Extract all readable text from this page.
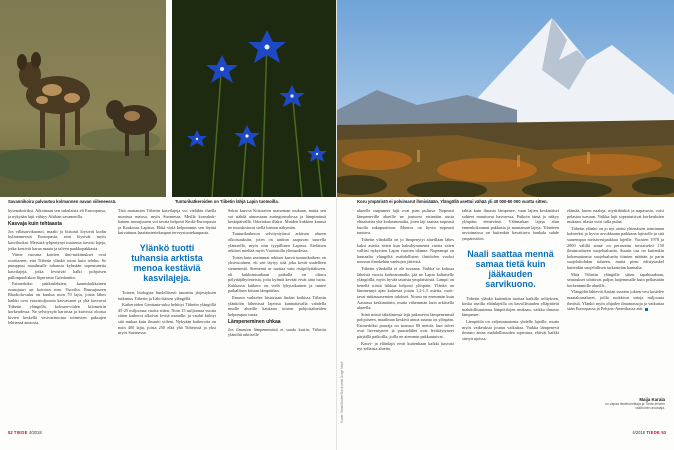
Savannikoira palvautuu kolmannen navan viileneessä.	Tunturikatkeroiden on Tiibetin lähjä Lapin tuomoilla.

hysenakoiriksi. Aikoinaan sen sukulaisia eli Euroopassa, ja nykyään lajit vähtyy Afrikan savanneilla.

Kasvaja kuin tehtaasta

Jos villasarvikuonot, maalit ja biisonit löysivät kodin kylmenneestä Euroopasta, niin löysivät myös kasviluokat. Metsistä tyhjentynyt maisema tarvitsi lajeja, jotka kestivät karua maata ja talven paakkopakkasia.

Viime vuosina kaivien ilmi-tutkimukset ovat osoittaneet, että Tiibetin ylänkö toimi kuin tehdas. Se pumppasi maailmalle tuhansia kylmään sopeutuneita kasvilajeja, jotka levisivät halki pohjoisen pallonpuoliskon Siperiasta Grönlantiin.

Esimerkiksi pakkaslehtien, kauniskukkainen ruusujuuri on kotoisin mm. Vuorilta. Ruusujuuren Rhodiola-suku on kuulua noin 70 lajia, joista lähes kaikki ovat vuoristoljoonia kasvavanet ja yhä kasvavat Tiibetin ylängöllä, kolmen-viiden kilometrin korkeudessa. Ne selvitysyät karuissa ja kuivissa oloissa kivien keskellä vesivarastoina toimivien paksujen lehtiensä ansiosta.

Tätä marianien Tiibetin kasvilajeja voi vieläkin ihailla monissa maissa, myös Suomessa. Meillä koreakukkainen ruusujuuren voi tavata helposti Keski-Euroopasta ja Kaakossa Lapissa. Ehkä vielä helpommin sen löytää kuivuttuna laastaintestekaupan terveystuotekaupasta.

Ylänkö tuotti tuhansia arktista menoa kestäviä kasvilajeja.

Toinen, biologiaa huolellisesti tunnettu järjestyksen tutkimus Tiibetin ja Lähi-itäisen ylängöllä.

Katkeroiden Gentiana-suku kehittyi Tiibetin ylängöllä 45-25 miljoonaa vuotta sitten. Noin 15 miljoonaa vuotta sitten katkerot alkoivat levitä muualle, ja vauhti kiihtyi sitä mukaa kuin ilmasto viileni. Nykyään katkeroita on noin 400 lajia, joista 250 elää yhä Tiibetissä ja yksi myös Suomessa.

Sekin kasvoa Kiistarven maiseman mukaan, mutta sen voi nähdä ainoastaan auringonvalossa ja lämpimässä keskipäivällä. Odottakaa illaksi. Muiden kukkien kanssa ne muodostavat siellä hienon näkymän.

Tunturikatkeron selvitystyönsä arktisen alueen olkoisuuksiin, joten on tuntiun saapuvan suurella ylänteellä, myös niin tyypillinen Lapissa. Eteläisen arktiset mieltää myös Vuoristolla ylimuodessa.

Toisin kuin useimmat arktiset kasvit tunturikatkero on yksivuotinen, eli sen täytyy itää joka kevät uudelleen siemenestä. Siemeniä se tuottaa vain ristipölyttäkseen, eli kukkimisaikaan paikalla on oltava pölyttäjähyönteisiä, joita kylmät keväät eivät aina tuota. Kukkassa katkero on vielä lyhytaikainen ja tuntee paikallisen kiistan lämpötilan.

Ilmasto vaihtelee historiaan lindan kaikissa Tiibetin ylänköön läheisissä lajeissa kannattavalla vahdella muille alueille kaukana toisten pohjoisalueiden helpompaa varaa.

Lämpeneminen uhkaa

Jos ilmaston lämpenemistä ei saada kuriin, Tiibetin ylänöltä arktiselle

52 TIEDE 4/2018
Koru ympäristö ei polvimarut ihmisiäään. Ylängöllä asettui vähää yli 40 000-60 000 vuotta sitten.
Kuvat: Stina/ShutterStock sekä Sorge Marti

alueelle saapuneet lajit ovat pian pulassa. Nopeasti lämpeneville alueille ne joutuvat etsimään uusia elinalueita yhä korkeammalta, joten laji saattaa nopeasti kuolla sukupuuttoon. Muutos on hyvin nopeasti tuntuva.

Tiibetin ylänköllä on jo lämpenytyt alueillaan lähes kaksi astetta sitten kun kaksikymmentä vuotta sitten vallitsi nykyisten Lapin vuorien tilanne. Nopeampi on hauraalta ylängöltä mahdollisten ilmiöiden vuoksi noussut ilmakehän vanhojen jätteistä.

Tiibetin ylänköllä ei ole tuvaana. Vaikka se kohoaa läheisiä vuoria korkeammalle, jää ne Lapin kaltaiselle ylängöillä, myös hyvää tasaista ympäristöstä. Lämpö on kenellä niistä liikkua helposti ylöspäin. Ylänkö on lämmennyt ajan kuluessa jotain 1,2-1,5 astetta, osoittavat mittausasemien tulokset. Nousu on enemmän kuin Aasiassa keskimäärin, mutta vähemmän kuin arktisella alueella.

Siinä missä tähtäimessä lajit pakenevat lämpenemistä pohjoiseen, maailman keskivä ainoa suunta on ylöspäin. Esimerkiksi puuraja on noussut 80 metriä, kun talvet ovat lieventyneet ja puustelähet ovat levittäytyneet pärjäillä paikoilla, joilla ne aiemmin pakkautuivat.

Kasvi- ja eläinlajit eivät kuitenkaan kaikki kasvata nyt sellaisia alueita.

tahtia kuin ilmasto lämpenee, vaan lajien keskinäiset suhteet muuttuvat kasvaessa. Paikoin tämä jo näkyy ylöspäin etenevänä. Välimatkan lajeja alun ennenkokoamat pakkasia ja muutaman lajeja. Tilanteen arvioinnissa on kuitenkin havaittava hankala suhde ympäristöön.

Naali saattaa mennä samaa tietä kuin jääkauden sarvikuono.

Tiibetin ylänkö kuitenkin tuottaa kaikille selityksen, koska useilla eläinlajeilla on kasvillisuuden ylläpitävät mahdollisuutensa lämpötilojen mukaan, vaikka ilmasto lämpenee.

Lämpötila on valjastamatonta yhdelle lajeille, mutta myös vaikeuksia joutuu vaikuttaa. Vaikka lämpenevä ilmasto antaa mahdollisuuden sopeutua, ehtivät kaikki siirtyä ajoissa.

elämää, kuten naaleja, myskihärkiä ja napasusia, voisi pelastaa turvaan. Vaikka lajit sopeutuisivat korkeuksien mukaan, tilasta voisi tulla pulaa.

Tiibetin ylänkö on jo nyt otettu yhtenäisen toiminnan kohteeksi ja hyvin arvokkaana paikkana lajistolle ja sitä suurempaa metsävesipaikkaa lajeille. Vuosien 1978 ja 2000 välillä sinne on perustettu toistaiseksi 150 ilmastoalueen suojelualuetta. Suurin osa on kuitenkin kokemattomia suojelualueita tiimien määrän ja parin suojelukohdan suhteen, mutta pieni edistysaskel kuitenkin suojelullisen tarkastelun kannalta.

Mitä Tiibetin ylängölle sitten tapahtuukaan, seuraukset ulottuvat paljon laajemmalle kuin pelkästään korkeammille alueille.

Ylängöltä lähteviä Aasian suurten jokien vesi kastelee maatalousalueet, joilla ruokkivat satoja miljoonia ihmisiä. Ylänkö myös ohjailee ilmamassoja ja vaikuttaa sään Euroopassa ja Pohjois-Amerikassa asti.

Maija Karala
on vapaa tiedetoimittaja ja Tiede-lehden vakituinen avustaja.
4/2018 TIEDE 53
